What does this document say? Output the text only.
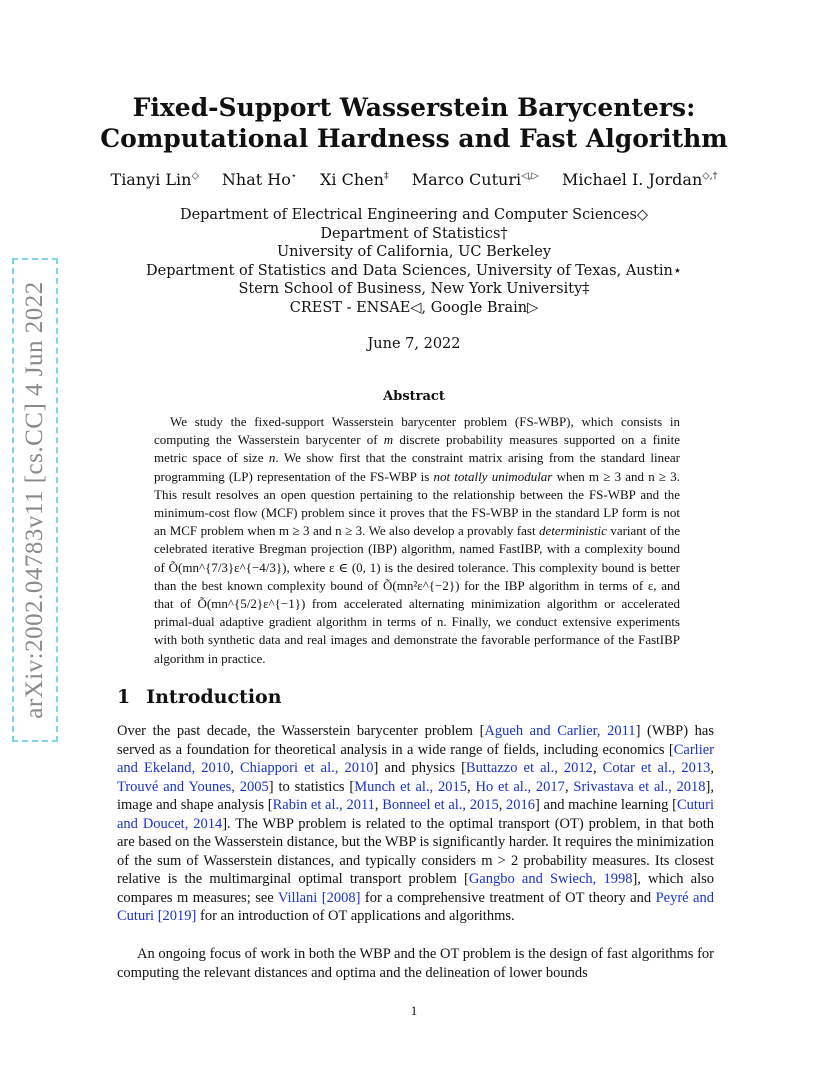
arXiv:2002.04783v11 [cs.CC] 4 Jun 2022
Fixed-Support Wasserstein Barycenters:
Computational Hardness and Fast Algorithm
Tianyi Lin◇ Nhat Ho⋆ Xi Chen‡ Marco Cuturi◁,▷ Michael I. Jordan◇,†
Department of Electrical Engineering and Computer Sciences◇
Department of Statistics†
University of California, UC Berkeley
Department of Statistics and Data Sciences, University of Texas, Austin⋆
Stern School of Business, New York University‡
CREST - ENSAE◁, Google Brain▷
June 7, 2022
Abstract
We study the fixed-support Wasserstein barycenter problem (FS-WBP), which consists in computing the Wasserstein barycenter of m discrete probability measures supported on a finite metric space of size n. We show first that the constraint matrix arising from the standard linear programming (LP) representation of the FS-WBP is not totally unimodular when m ≥ 3 and n ≥ 3. This result resolves an open question pertaining to the relationship between the FS-WBP and the minimum-cost flow (MCF) problem since it proves that the FS-WBP in the standard LP form is not an MCF problem when m ≥ 3 and n ≥ 3. We also develop a provably fast deterministic variant of the celebrated iterative Bregman projection (IBP) algorithm, named FastIBP, with a complexity bound of Õ(mn^{7/3}ε^{−4/3}), where ε ∈ (0, 1) is the desired tolerance. This complexity bound is better than the best known complexity bound of Õ(mn²ε^{−2}) for the IBP algorithm in terms of ε, and that of Õ(mn^{5/2}ε^{−1}) from accelerated alternating minimization algorithm or accelerated primal-dual adaptive gradient algorithm in terms of n. Finally, we conduct extensive experiments with both synthetic data and real images and demonstrate the favorable performance of the FastIBP algorithm in practice.
1 Introduction
Over the past decade, the Wasserstein barycenter problem [Agueh and Carlier, 2011] (WBP) has served as a foundation for theoretical analysis in a wide range of fields, including economics [Carlier and Ekeland, 2010, Chiappori et al., 2010] and physics [Buttazzo et al., 2012, Cotar et al., 2013, Trouvé and Younes, 2005] to statistics [Munch et al., 2015, Ho et al., 2017, Srivastava et al., 2018], image and shape analysis [Rabin et al., 2011, Bonneel et al., 2015, 2016] and machine learning [Cuturi and Doucet, 2014]. The WBP problem is related to the optimal transport (OT) problem, in that both are based on the Wasserstein distance, but the WBP is significantly harder. It requires the minimization of the sum of Wasserstein distances, and typically considers m > 2 probability measures. Its closest relative is the multimarginal optimal transport problem [Gangbo and Swiech, 1998], which also compares m measures; see Villani [2008] for a comprehensive treatment of OT theory and Peyré and Cuturi [2019] for an introduction of OT applications and algorithms.
An ongoing focus of work in both the WBP and the OT problem is the design of fast algorithms for computing the relevant distances and optima and the delineation of lower bounds
1
